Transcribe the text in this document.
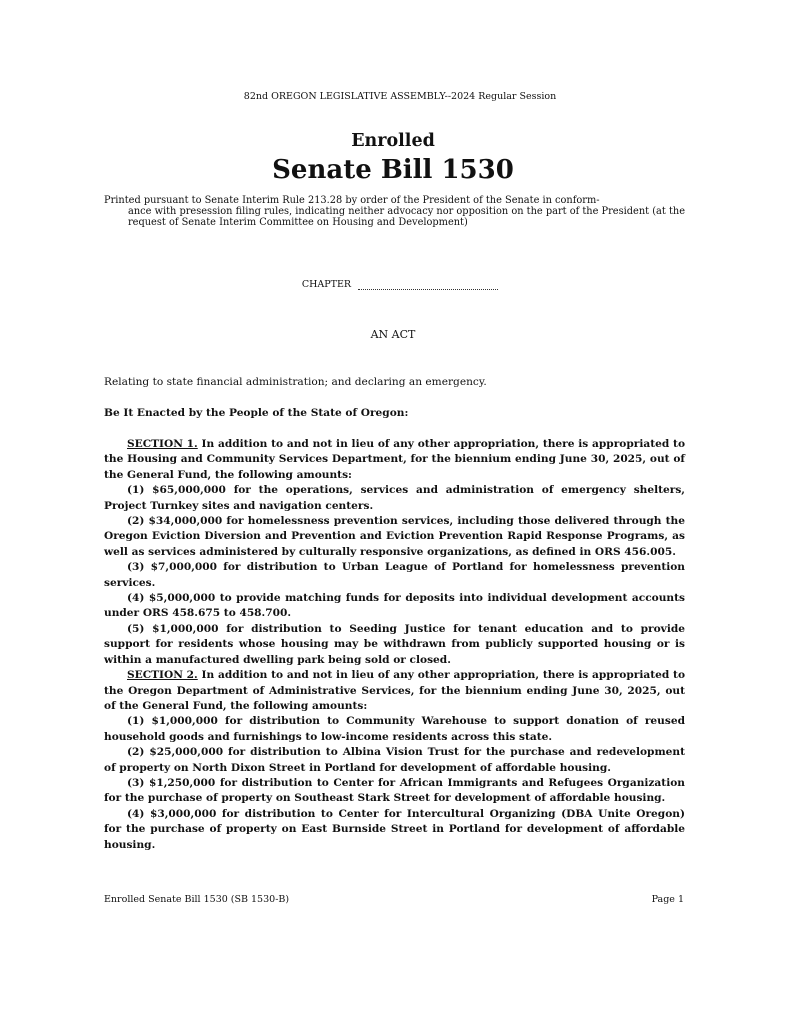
82nd OREGON LEGISLATIVE ASSEMBLY--2024 Regular Session
Enrolled
Senate Bill 1530
Printed pursuant to Senate Interim Rule 213.28 by order of the President of the Senate in conform-
ance with presession filing rules, indicating neither advocacy nor opposition on the part of the President (at the request of Senate Interim Committee on Housing and Development)
CHAPTER
AN ACT
Relating to state financial administration; and declaring an emergency.
Be It Enacted by the People of the State of Oregon:

SECTION 1. In addition to and not in lieu of any other appropriation, there is appropriated to the Housing and Community Services Department, for the biennium ending June 30, 2025, out of the General Fund, the following amounts:

(1) $65,000,000 for the operations, services and administration of emergency shelters, Project Turnkey sites and navigation centers.

(2) $34,000,000 for homelessness prevention services, including those delivered through the Oregon Eviction Diversion and Prevention and Eviction Prevention Rapid Response Programs, as well as services administered by culturally responsive organizations, as defined in ORS 456.005.

(3) $7,000,000 for distribution to Urban League of Portland for homelessness prevention services.

(4) $5,000,000 to provide matching funds for deposits into individual development accounts under ORS 458.675 to 458.700.

(5) $1,000,000 for distribution to Seeding Justice for tenant education and to provide support for residents whose housing may be withdrawn from publicly supported housing or is within a manufactured dwelling park being sold or closed.

SECTION 2. In addition to and not in lieu of any other appropriation, there is appropriated to the Oregon Department of Administrative Services, for the biennium ending June 30, 2025, out of the General Fund, the following amounts:

(1) $1,000,000 for distribution to Community Warehouse to support donation of reused household goods and furnishings to low-income residents across this state.

(2) $25,000,000 for distribution to Albina Vision Trust for the purchase and redevelopment of property on North Dixon Street in Portland for development of affordable housing.

(3) $1,250,000 for distribution to Center for African Immigrants and Refugees Organization for the purchase of property on Southeast Stark Street for development of affordable housing.

(4) $3,000,000 for distribution to Center for Intercultural Organizing (DBA Unite Oregon) for the purchase of property on East Burnside Street in Portland for development of affordable housing.

Enrolled Senate Bill 1530 (SB 1530-B)	Page 1
